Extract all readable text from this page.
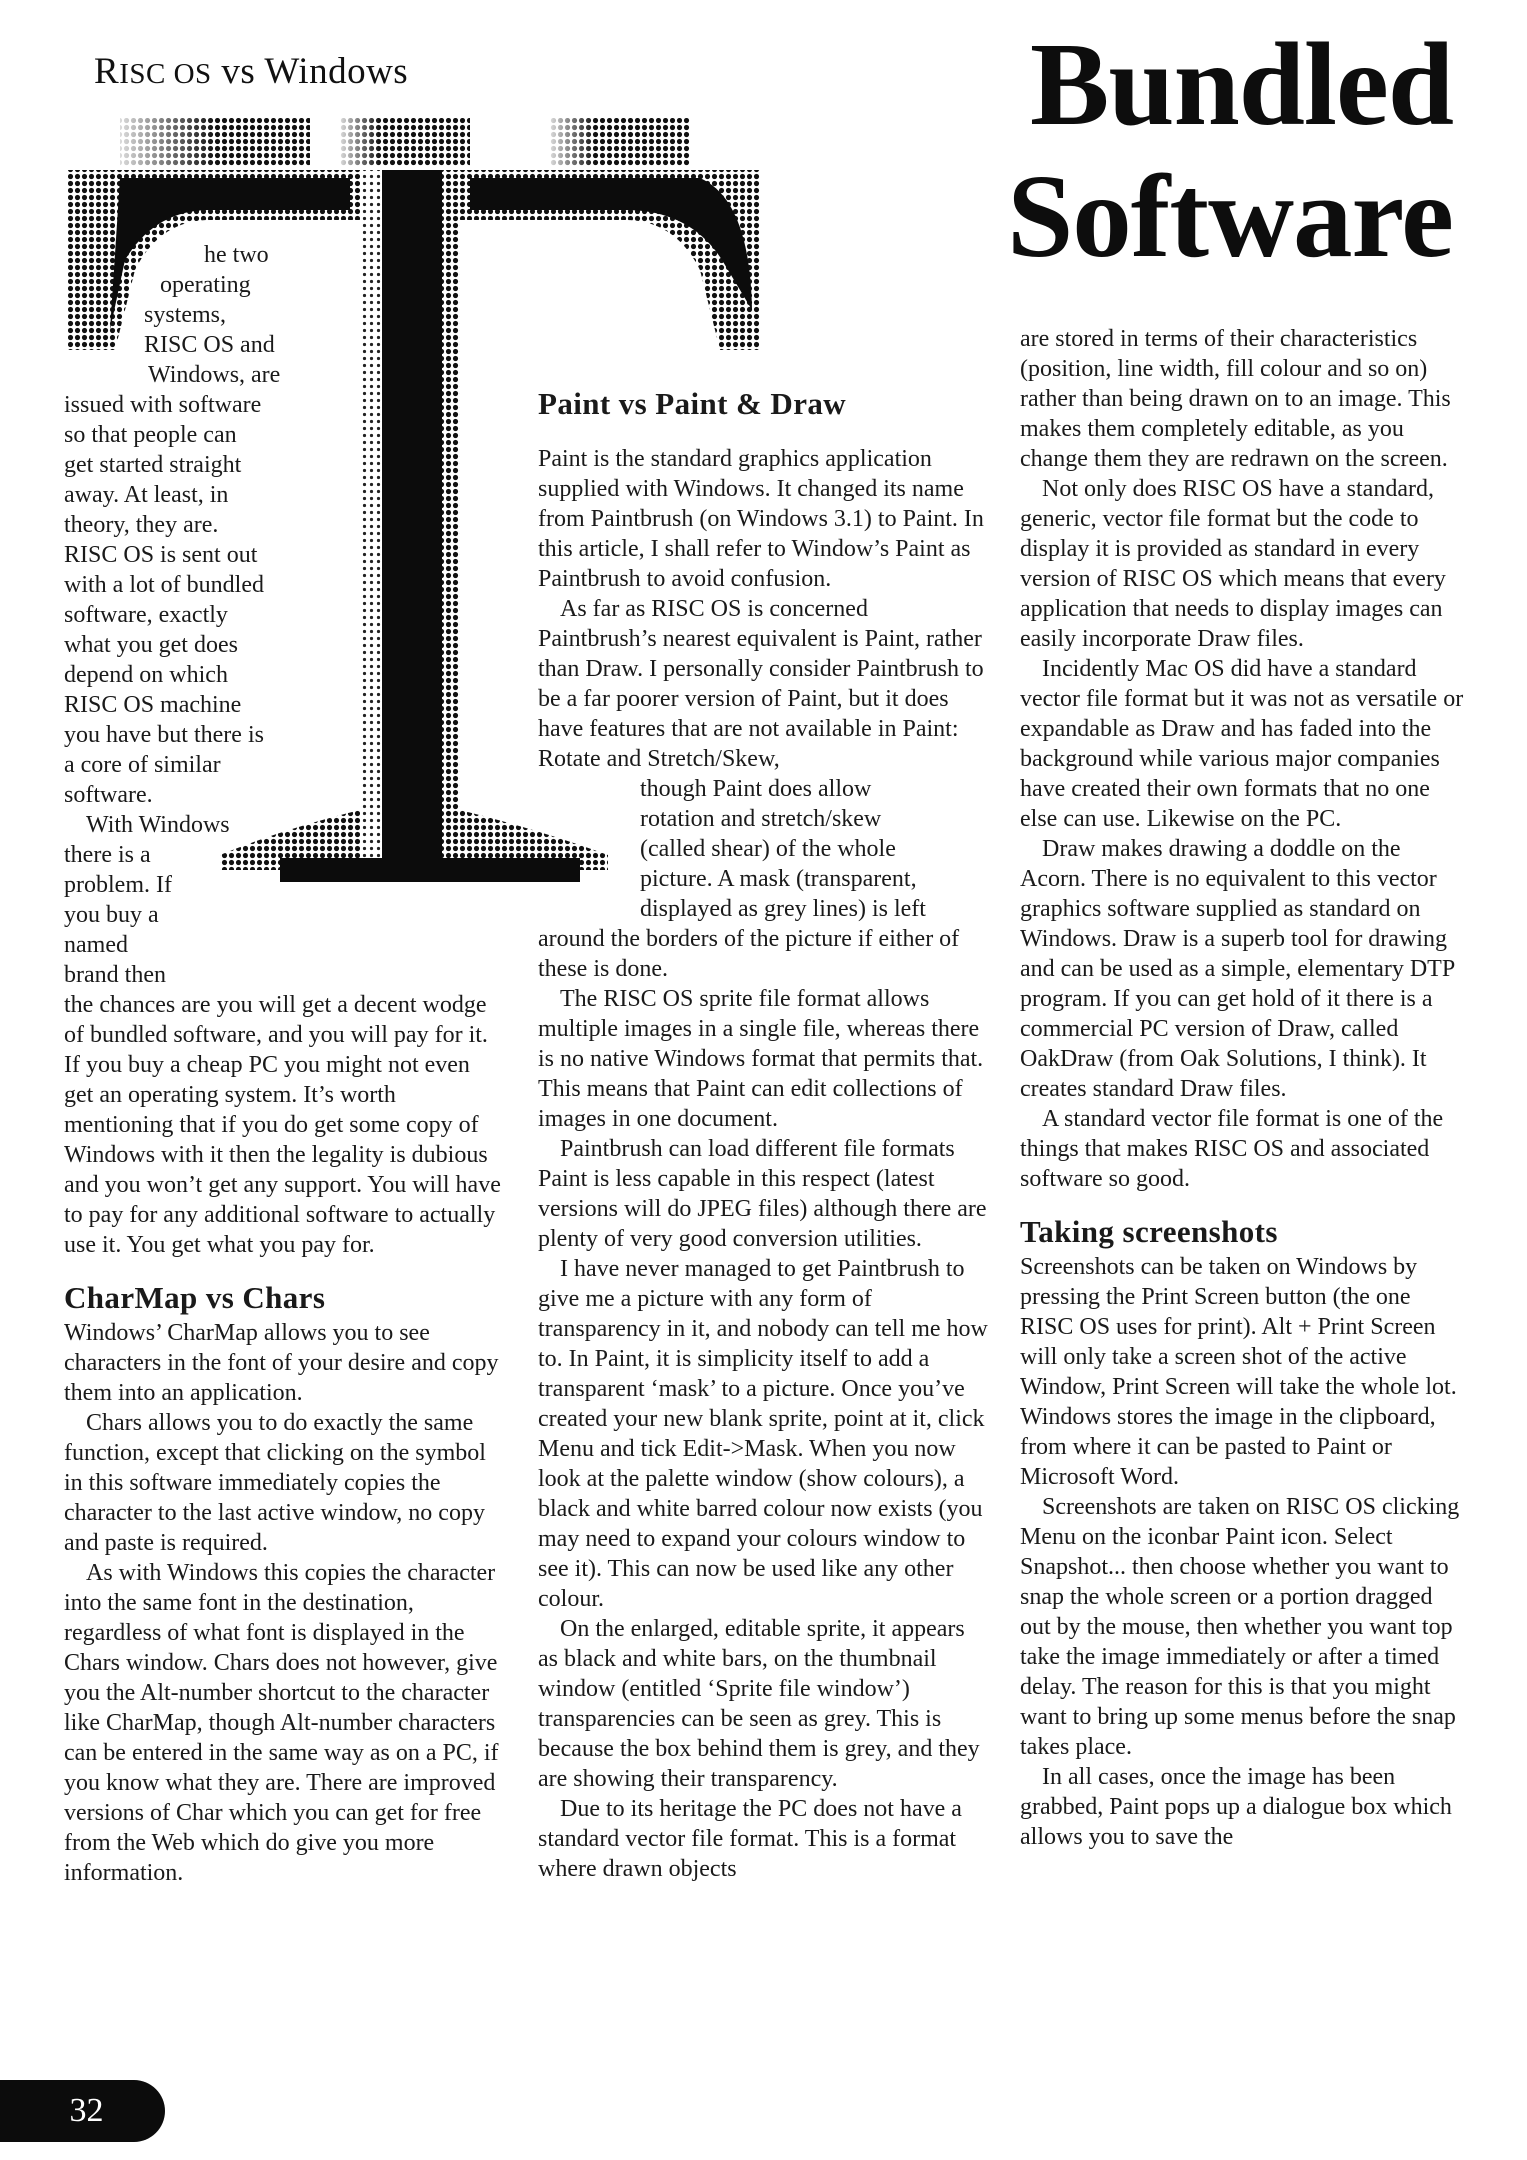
RISC OS vs Windows	Bundled
Software
he two
operating
systems,
RISC OS and
Windows, are
issued with software
so that people can
get started straight
away. At least, in
theory, they are.
RISC OS is sent out
with a lot of bundled
software, exactly
what you get does
depend on which
RISC OS machine
you have but there is
a core of similar
software.
With Windows
there is a
problem. If
you buy a
named
brand then

the chances are you will get a decent wodge of bundled software, and you will pay for it. If you buy a cheap PC you might not even get an operating system. It’s worth mentioning that if you do get some copy of Windows with it then the legality is dubious and you won’t get any support. You will have to pay for any additional software to actually use it. You get what you pay for.

CharMap vs Chars

Windows’ CharMap allows you to see characters in the font of your desire and copy them into an application.

Chars allows you to do exactly the same function, except that clicking on the symbol in this software immediately copies the character to the last active window, no copy and paste is required.

As with Windows this copies the character into the same font in the destination, regardless of what font is displayed in the Chars window. Chars does not however, give you the Alt-number shortcut to the character like CharMap, though Alt-number characters can be entered in the same way as on a PC, if you know what they are. There are improved versions of Char which you can get for free from the Web which do give you more information.

Paint vs Paint & Draw

Paint is the standard graphics application supplied with Windows. It changed its name from Paintbrush (on Windows 3.1) to Paint. In this article, I shall refer to Window’s Paint as Paintbrush to avoid confusion.

As far as RISC OS is concerned Paintbrush’s nearest equivalent is Paint, rather than Draw. I personally consider Paintbrush to be a far poorer version of Paint, but it does have features that are not available in Paint: Rotate and Stretch/Skew,

though Paint does allow
rotation and stretch/skew
(called shear) of the whole
picture. A mask (transparent,
displayed as grey lines) is left

around the borders of the picture if either of these is done.

The RISC OS sprite file format allows multiple images in a single file, whereas there is no native Windows format that permits that. This means that Paint can edit collections of images in one document.

Paintbrush can load different file formats Paint is less capable in this respect (latest versions will do JPEG files) although there are plenty of very good conversion utilities.

I have never managed to get Paintbrush to give me a picture with any form of transparency in it, and nobody can tell me how to. In Paint, it is simplicity itself to add a transparent ‘mask’ to a picture. Once you’ve created your new blank sprite, point at it, click Menu and tick Edit->Mask. When you now look at the palette window (show colours), a black and white barred colour now exists (you may need to expand your colours window to see it). This can now be used like any other colour.

On the enlarged, editable sprite, it appears as black and white bars, on the thumbnail window (entitled ‘Sprite file window’) transparencies can be seen as grey. This is because the box behind them is grey, and they are showing their transparency.

Due to its heritage the PC does not have a standard vector file format. This is a format where drawn objects

are stored in terms of their characteristics (position, line width, fill colour and so on) rather than being drawn on to an image. This makes them completely editable, as you change them they are redrawn on the screen.

Not only does RISC OS have a standard, generic, vector file format but the code to display it is provided as standard in every version of RISC OS which means that every application that needs to display images can easily incorporate Draw files.

Incidently Mac OS did have a standard vector file format but it was not as versatile or expandable as Draw and has faded into the background while various major companies have created their own formats that no one else can use. Likewise on the PC.

Draw makes drawing a doddle on the Acorn. There is no equivalent to this vector graphics software supplied as standard on Windows. Draw is a superb tool for drawing and can be used as a simple, elementary DTP program. If you can get hold of it there is a commercial PC version of Draw, called OakDraw (from Oak Solutions, I think). It creates standard Draw files.

A standard vector file format is one of the things that makes RISC OS and associated software so good.

Taking screenshots

Screenshots can be taken on Windows by pressing the Print Screen button (the one RISC OS uses for print). Alt + Print Screen will only take a screen shot of the active Window, Print Screen will take the whole lot. Windows stores the image in the clipboard, from where it can be pasted to Paint or Microsoft Word.

Screenshots are taken on RISC OS clicking Menu on the iconbar Paint icon. Select Snapshot... then choose whether you want to snap the whole screen or a portion dragged out by the mouse, then whether you want top take the image immediately or after a timed delay. The reason for this is that you might want to bring up some menus before the snap takes place.

In all cases, once the image has been grabbed, Paint pops up a dialogue box which allows you to save the

32
